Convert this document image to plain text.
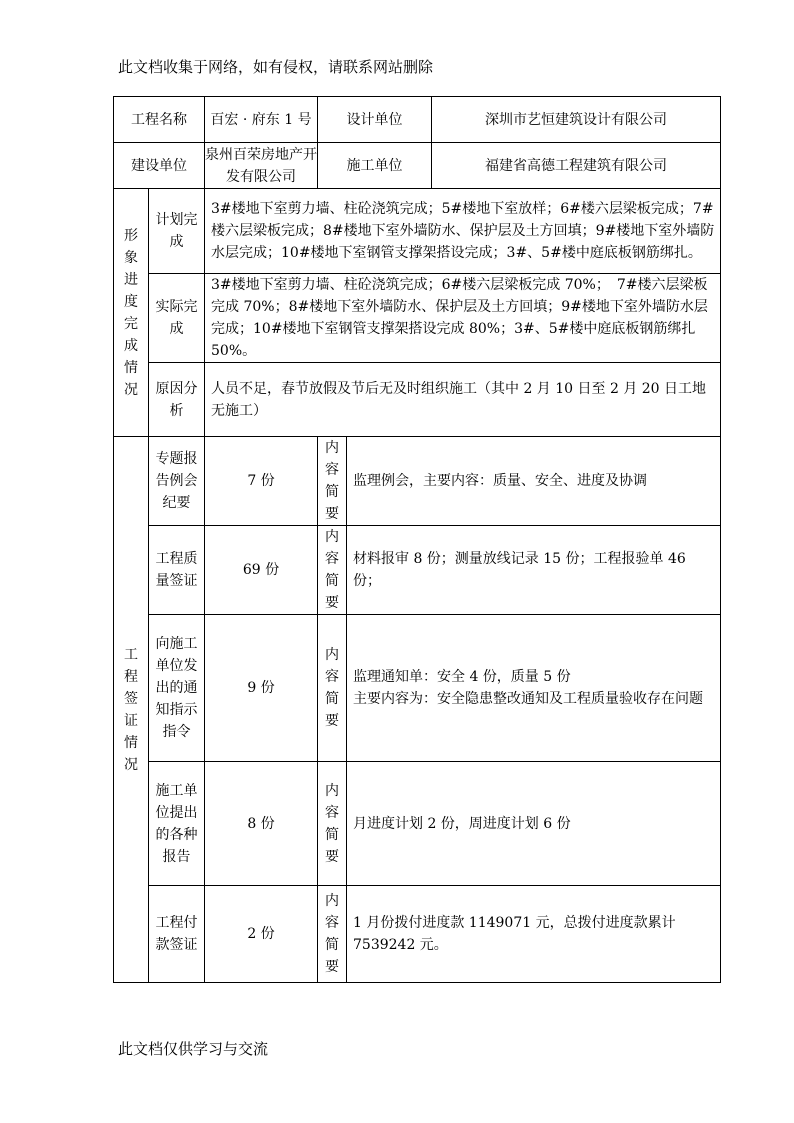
此文档收集于网络，如有侵权，请联系网站删除
工程名称		百宏 · 府东 1 号	设计单位		深圳市艺恒建筑设计有限公司
建设单位		泉州百荣房地产开发有限公司	施工单位		福建省高德工程建筑有限公司
形象进度完成情况	计划完成	3#楼地下室剪力墙、柱砼浇筑完成；5#楼地下室放样；6#楼六层梁板完成；7#楼六层梁板完成；8#楼地下室外墙防水、保护层及土方回填；9#楼地下室外墙防水层完成；10#楼地下室钢管支撑架搭设完成；3#、5#楼中庭底板钢筋绑扎。			
	实际完成	3#楼地下室剪力墙、柱砼浇筑完成；6#楼六层梁板完成 70%；　7#楼六层梁板完成 70%；8#楼地下室外墙防水、保护层及土方回填；9#楼地下室外墙防水层完成；10#楼地下室钢管支撑架搭设完成 80%；3#、5#楼中庭底板钢筋绑扎 50%。			
	原因分析	人员不足，春节放假及节后无及时组织施工（其中 2 月 10 日至 2 月 20 日工地无施工）			
工程签证情况	专题报告例会纪要	7 份	内容简要	监理例会，主要内容：质量、安全、进度及协调	
	工程质量签证	69 份	内容简要	材料报审 8 份；测量放线记录 15 份；工程报验单 46 份；	
	向施工单位发出的通知指示指令	9 份	内容简要	监理通知单：安全 4 份，质量 5 份
主要内容为：安全隐患整改通知及工程质量验收存在问题	

	施工单位提出的各种报告	8 份	内容简要	月进度计划 2 份，周进度计划 6 份	
	工程付款签证	2 份	内容简要	1 月份拨付进度款 1149071 元，总拨付进度款累计 7539242 元。	
此文档仅供学习与交流
